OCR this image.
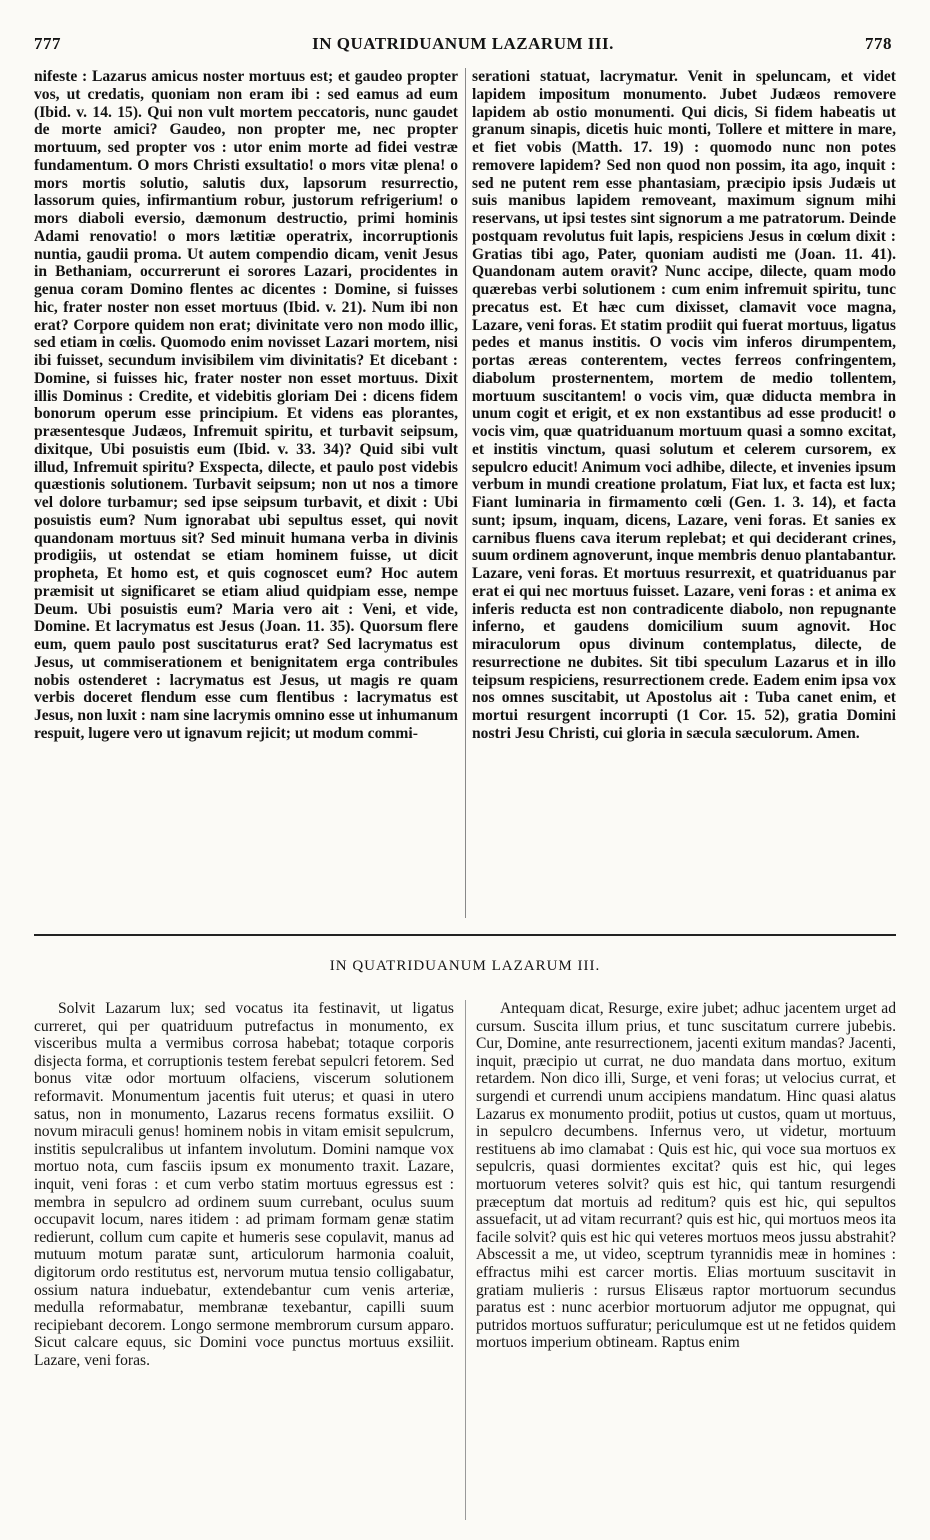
777	IN QUATRIDUANUM LAZARUM III.	778

nifeste : Lazarus amicus noster mortuus est; et gaudeo propter vos, ut credatis, quoniam non eram ibi : sed eamus ad eum (Ibid. v. 14. 15). Qui non vult mortem peccatoris, nunc gaudet de morte amici? Gaudeo, non propter me, nec propter mortuum, sed propter vos : utor enim morte ad fidei vestræ fundamentum. O mors Christi exsultatio! o mors vitæ plena! o mors mortis solutio, salutis dux, lapsorum resurrectio, lassorum quies, infirmantium robur, justorum refrigerium! o mors diaboli eversio, dæmonum destructio, primi hominis Adami renovatio! o mors lætitiæ operatrix, incorruptionis nuntia, gaudii proma. Ut autem compendio dicam, venit Jesus in Bethaniam, occurrerunt ei sorores Lazari, procidentes in genua coram Domino flentes ac dicentes : Domine, si fuisses hic, frater noster non esset mortuus (Ibid. v. 21). Num ibi non erat? Corpore quidem non erat; divinitate vero non modo illic, sed etiam in cœlis. Quomodo enim novisset Lazari mortem, nisi ibi fuisset, secundum invisibilem vim divinitatis? Et dicebant : Domine, si fuisses hic, frater noster non esset mortuus. Dixit illis Dominus : Credite, et videbitis gloriam Dei : dicens fidem bonorum operum esse principium. Et videns eas plorantes, præsentesque Judæos, Infremuit spiritu, et turbavit seipsum, dixitque, Ubi posuistis eum (Ibid. v. 33. 34)? Quid sibi vult illud, Infremuit spiritu? Exspecta, dilecte, et paulo post videbis quæstionis solutionem. Turbavit seipsum; non ut nos a timore vel dolore turbamur; sed ipse seipsum turbavit, et dixit : Ubi posuistis eum? Num ignorabat ubi sepultus esset, qui novit quandonam mortuus sit? Sed minuit humana verba in divinis prodigiis, ut ostendat se etiam hominem fuisse, ut dicit propheta, Et homo est, et quis cognoscet eum? Hoc autem præmisit ut significaret se etiam aliud quidpiam esse, nempe Deum. Ubi posuistis eum? Maria vero ait : Veni, et vide, Domine. Et lacrymatus est Jesus (Joan. 11. 35). Quorsum flere eum, quem paulo post suscitaturus erat? Sed lacrymatus est Jesus, ut commiserationem et benignitatem erga contribules nobis ostenderet : lacrymatus est Jesus, ut magis re quam verbis doceret flendum esse cum flentibus : lacrymatus est Jesus, non luxit : nam sine lacrymis omnino esse ut inhumanum respuit, lugere vero ut ignavum rejicit; ut modum commi-

serationi statuat, lacrymatur. Venit in speluncam, et videt lapidem impositum monumento. Jubet Judæos removere lapidem ab ostio monumenti. Qui dicis, Si fidem habeatis ut granum sinapis, dicetis huic monti, Tollere et mittere in mare, et fiet vobis (Matth. 17. 19) : quomodo nunc non potes removere lapidem? Sed non quod non possim, ita ago, inquit : sed ne putent rem esse phantasiam, præcipio ipsis Judæis ut suis manibus lapidem removeant, maximum signum mihi reservans, ut ipsi testes sint signorum a me patratorum. Deinde postquam revolutus fuit lapis, respiciens Jesus in cœlum dixit : Gratias tibi ago, Pater, quoniam audisti me (Joan. 11. 41). Quandonam autem oravit? Nunc accipe, dilecte, quam modo quærebas verbi solutionem : cum enim infremuit spiritu, tunc precatus est. Et hæc cum dixisset, clamavit voce magna, Lazare, veni foras. Et statim prodiit qui fuerat mortuus, ligatus pedes et manus institis. O vocis vim inferos dirumpentem, portas æreas conterentem, vectes ferreos confringentem, diabolum prosternentem, mortem de medio tollentem, mortuum suscitantem! o vocis vim, quæ diducta membra in unum cogit et erigit, et ex non exstantibus ad esse producit! o vocis vim, quæ quatriduanum mortuum quasi a somno excitat, et institis vinctum, quasi solutum et celerem cursorem, ex sepulcro educit! Animum voci adhibe, dilecte, et invenies ipsum verbum in mundi creatione prolatum, Fiat lux, et facta est lux; Fiant luminaria in firmamento cœli (Gen. 1. 3. 14), et facta sunt; ipsum, inquam, dicens, Lazare, veni foras. Et sanies ex carnibus fluens cava iterum replebat; et qui deciderant crines, suum ordinem agnoverunt, inque membris denuo plantabantur. Lazare, veni foras. Et mortuus resurrexit, et quatriduanus par erat ei qui nec mortuus fuisset. Lazare, veni foras : et anima ex inferis reducta est non contradicente diabolo, non repugnante inferno, et gaudens domicilium suum agnovit. Hoc miraculorum opus divinum contemplatus, dilecte, de resurrectione ne dubites. Sit tibi speculum Lazarus et in illo teipsum respiciens, resurrectionem crede. Eadem enim ipsa vox nos omnes suscitabit, ut Apostolus ait : Tuba canet enim, et mortui resurgent incorrupti (1 Cor. 15. 52), gratia Domini nostri Jesu Christi, cui gloria in sæcula sæculorum. Amen.

IN QUATRIDUANUM LAZARUM III.

Solvit Lazarum lux; sed vocatus ita festinavit, ut ligatus curreret, qui per quatriduum putrefactus in monumento, ex visceribus multa a vermibus corrosa habebat; totaque corporis disjecta forma, et corruptionis testem ferebat sepulcri fetorem. Sed bonus vitæ odor mortuum olfaciens, viscerum solutionem reformavit. Monumentum jacentis fuit uterus; et quasi in utero satus, non in monumento, Lazarus recens formatus exsiliit. O novum miraculi genus! hominem nobis in vitam emisit sepulcrum, institis sepulcralibus ut infantem involutum. Domini namque vox mortuo nota, cum fasciis ipsum ex monumento traxit. Lazare, inquit, veni foras : et cum verbo statim mortuus egressus est : membra in sepulcro ad ordinem suum currebant, oculus suum occupavit locum, nares itidem : ad primam formam genæ statim redierunt, collum cum capite et humeris sese copulavit, manus ad mutuum motum paratæ sunt, articulorum harmonia coaluit, digitorum ordo restitutus est, nervorum mutua tensio colligabatur, ossium natura induebatur, extendebantur cum venis arteriæ, medulla reformabatur, membranæ texebantur, capilli suum recipiebant decorem. Longo sermone membrorum cursum apparo. Sicut calcare equus, sic Domini voce punctus mortuus exsiliit. Lazare, veni foras.

Antequam dicat, Resurge, exire jubet; adhuc jacentem urget ad cursum. Suscita illum prius, et tunc suscitatum currere jubebis. Cur, Domine, ante resurrectionem, jacenti exitum mandas? Jacenti, inquit, præcipio ut currat, ne duo mandata dans mortuo, exitum retardem. Non dico illi, Surge, et veni foras; ut velocius currat, et surgendi et currendi unum accipiens mandatum. Hinc quasi alatus Lazarus ex monumento prodiit, potius ut custos, quam ut mortuus, in sepulcro decumbens. Infernus vero, ut videtur, mortuum restituens ab imo clamabat : Quis est hic, qui voce sua mortuos ex sepulcris, quasi dormientes excitat? quis est hic, qui leges mortuorum veteres solvit? quis est hic, qui tantum resurgendi præceptum dat mortuis ad reditum? quis est hic, qui sepultos assuefacit, ut ad vitam recurrant? quis est hic, qui mortuos meos ita facile solvit? quis est hic qui veteres mortuos meos jussu abstrahit? Abscessit a me, ut video, sceptrum tyrannidis meæ in homines : effractus mihi est carcer mortis. Elias mortuum suscitavit in gratiam mulieris : rursus Elisæus raptor mortuorum secundus paratus est : nunc acerbior mortuorum adjutor me oppugnat, qui putridos mortuos suffuratur; periculumque est ut ne fetidos quidem mortuos imperium obtineam. Raptus enim
